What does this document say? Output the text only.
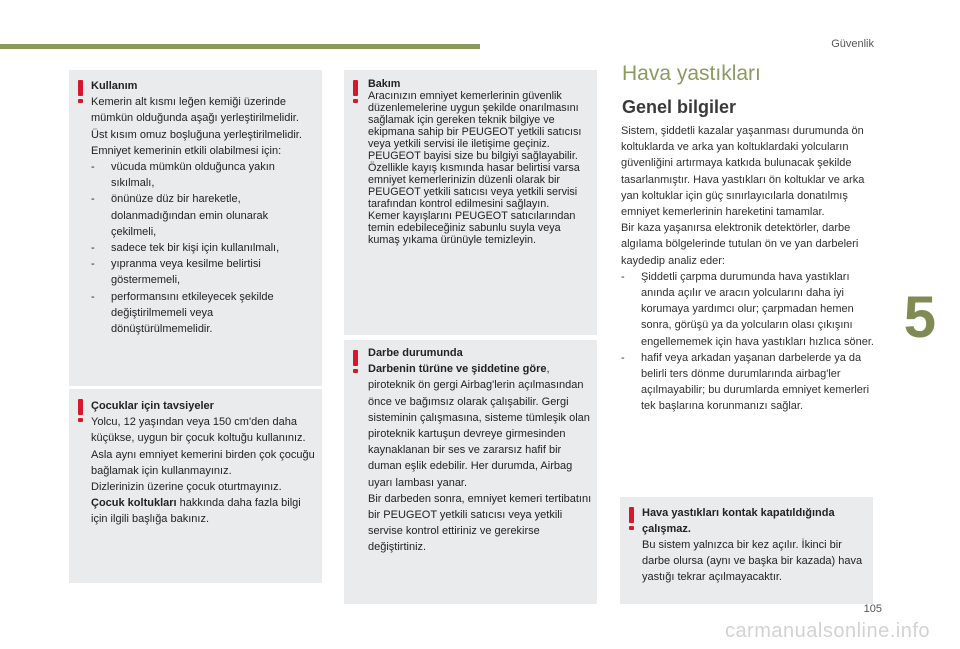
Güvenlik
5

Kullanım

Kemerin alt kısmı leğen kemiği üzerinde mümkün olduğunda aşağı yerleştirilmelidir.

Üst kısım omuz boşluğuna yerleştirilmelidir.

Emniyet kemerinin etkili olabilmesi için:

- vücuda mümkün olduğunca yakın sıkılmalı,
- önünüze düz bir hareketle, dolanmadığından emin olunarak çekilmeli,
- sadece tek bir kişi için kullanılmalı,
- yıpranma veya kesilme belirtisi göstermemeli,
- performansını etkileyecek şekilde değiştirilmemeli veya dönüştürülmemelidir.

Çocuklar için tavsiyeler

Yolcu, 12 yaşından veya 150 cm'den daha küçükse, uygun bir çocuk koltuğu kullanınız.

Asla aynı emniyet kemerini birden çok çocuğu bağlamak için kullanmayınız.

Dizlerinizin üzerine çocuk oturtmayınız.

Çocuk koltukları hakkında daha fazla bilgi için ilgili başlığa bakınız.

Bakım

Aracınızın emniyet kemerlerinin güvenlik düzenlemelerine uygun şekilde onarılmasını sağlamak için gereken teknik bilgiye ve ekipmana sahip bir PEUGEOT yetkili satıcısı veya yetkili servisi ile iletişime geçiniz. PEUGEOT bayisi size bu bilgiyi sağlayabilir.

Özellikle kayış kısmında hasar belirtisi varsa emniyet kemerlerinizin düzenli olarak bir PEUGEOT yetkili satıcısı veya yetkili servisi tarafından kontrol edilmesini sağlayın.

Kemer kayışlarını PEUGEOT satıcılarından temin edebileceğiniz sabunlu suyla veya kumaş yıkama ürünüyle temizleyin.

Darbe durumunda

Darbenin türüne ve şiddetine göre, piroteknik ön gergi Airbag'lerin açılmasından önce ve bağımsız olarak çalışabilir. Gergi sisteminin çalışmasına, sisteme tümleşik olan piroteknik kartuşun devreye girmesinden kaynaklanan bir ses ve zararsız hafif bir duman eşlik edebilir. Her durumda, Airbag uyarı lambası yanar.

Bir darbeden sonra, emniyet kemeri tertibatını bir PEUGEOT yetkili satıcısı veya yetkili servise kontrol ettiriniz ve gerekirse değiştirtiniz.

Hava yastıkları
Genel bilgiler

Sistem, şiddetli kazalar yaşanması durumunda ön koltuklarda ve arka yan koltuklardaki yolcuların güvenliğini artırmaya katkıda bulunacak şekilde tasarlanmıştır. Hava yastıkları ön koltuklar ve arka yan koltuklar için güç sınırlayıcılarla donatılmış emniyet kemerlerinin hareketini tamamlar.

Bir kaza yaşanırsa elektronik detektörler, darbe algılama bölgelerinde tutulan ön ve yan darbeleri kaydedip analiz eder:

- Şiddetli çarpma durumunda hava yastıkları anında açılır ve aracın yolcularını daha iyi korumaya yardımcı olur; çarpmadan hemen sonra, görüşü ya da yolcuların olası çıkışını engellememek için hava yastıkları hızlıca söner.
- hafif veya arkadan yaşanan darbelerde ya da belirli ters dönme durumlarında airbag'ler açılmayabilir; bu durumlarda emniyet kemerleri tek başlarına korunmanızı sağlar.

Hava yastıkları kontak kapatıldığında çalışmaz.

Bu sistem yalnızca bir kez açılır. İkinci bir darbe olursa (aynı ve başka bir kazada) hava yastığı tekrar açılmayacaktır.

105
carmanualsonline.info
